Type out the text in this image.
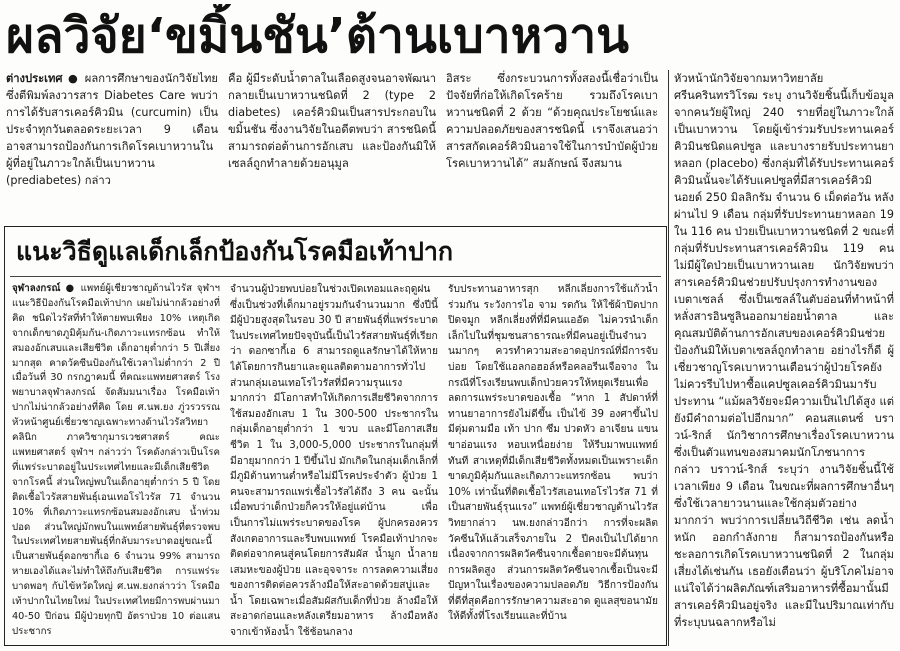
ผลวิจัย‘ขมิ้นชัน’ต้านเบาหวาน

ต่างประเทศ ● ผลการศึกษาของนักวิจัยไทยซึ่งตีพิมพ์ลงวารสาร Diabetes Care พบว่า การได้รับสารเคอร์คิวมิน (curcumin) เป็นประจำทุกวันตลอดระยะเวลา 9 เดือน อาจสามารถป้องกันการเกิดโรคเบาหวานในผู้ที่อยู่ในภาวะใกล้เป็นเบาหวาน (prediabetes) กล่าว

คือ ผู้มีระดับน้ำตาลในเลือดสูงจนอาจพัฒนากลายเป็นเบาหวานชนิดที่ 2 (type 2 diabetes) เคอร์คิวมินเป็นสารประกอบในขมิ้นชัน ซึ่งงานวิจัยในอดีตพบว่า สารชนิดนี้สามารถต่อต้านการอักเสบ และป้องกันมิให้เซลล์ถูกทำลายด้วยอนุมูล

อิสระ ซึ่งกระบวนการทั้งสองนี้เชื่อว่าเป็นปัจจัยที่ก่อให้เกิดโรคร้าย รวมถึงโรคเบาหวานชนิดที่ 2 ด้วย “ด้วยคุณประโยชน์และความปลอดภัยของสารชนิดนี้ เราจึงเสนอว่าสารสกัดเคอร์คิวมินอาจใช้ในการบำบัดผู้ป่วยโรคเบาหวานได้” สมลักษณ์ จึงสมาน

หัวหน้านักวิจัยจากมหาวิทยาลัยศรีนครินทรวิโรฒ ระบุ งานวิจัยชิ้นนี้เก็บข้อมูลจากคนวัยผู้ใหญ่ 240 รายที่อยู่ในภาวะใกล้เป็นเบาหวาน โดยผู้เข้าร่วมรับประทานเคอร์คิวมินชนิดแคปซูล และบางรายรับประทานยาหลอก (placebo) ซึ่งกลุ่มที่ได้รับประทานเคอร์คิวมินนั้นจะได้รับแคปซูลที่มีสารเคอร์คิวมินอยด์ 250 มิลลิกรัม จำนวน 6 เม็ดต่อวัน หลังผ่านไป 9 เดือน กลุ่มที่รับประทานยาหลอก 19 ใน 116 คน ป่วยเป็นเบาหวานชนิดที่ 2 ขณะที่กลุ่มที่รับประทานสารเคอร์คิวมิน 119 คน ไม่มีผู้ใดป่วยเป็นเบาหวานเลย นักวิจัยพบว่า สารเคอร์คิวมินช่วยปรับปรุงการทำงานของเบตาเซลล์ ซึ่งเป็นเซลล์ในตับอ่อนที่ทำหน้าที่หลั่งสารอินซูลินออกมาย่อยน้ำตาล และคุณสมบัติต้านการอักเสบของเคอร์คิวมินช่วยป้องกันมิให้เบตาเซลล์ถูกทำลาย อย่างไรก็ดี ผู้เชี่ยวชาญโรคเบาหวานเตือนว่าผู้ป่วยโรคยังไม่ควรรีบไปหาซื้อแคปซูลเคอร์คิวมินมารับประทาน “แม้ผลวิจัยจะมีความเป็นไปได้สูง แต่ยังมีคำถามต่อไปอีกมาก” คอนสแตนซ์ บราวน์-ริกส์ นักวิชาการศึกษาเรื่องโรคเบาหวานซึ่งเป็นตัวแทนของสมาคมนักโภชนาการ กล่าว บราวน์-ริกส์ ระบุว่า งานวิจัยชิ้นนี้ใช้เวลาเพียง 9 เดือน ในขณะที่ผลการศึกษาอื่นๆ ซึ่งใช้เวลายาวนานและใช้กลุ่มตัวอย่างมากกว่า พบว่าการเปลี่ยนวิถีชีวิต เช่น ลดน้ำหนัก ออกกำลังกาย ก็สามารถป้องกันหรือชะลอการเกิดโรคเบาหวานชนิดที่ 2 ในกลุ่มเสี่ยงได้เช่นกัน เธอยังเตือนว่า ผู้บริโภคไม่อาจแน่ใจได้ว่าผลิตภัณฑ์เสริมอาหารที่ซื้อมานั้นมีสารเคอร์คิวมินอยู่จริง และมีในปริมาณเท่ากับที่ระบุบนฉลากหรือไม่

แนะวิธีดูแลเด็กเล็กป้องกันโรคมือเท้าปาก

จุฬาลงกรณ์ ● แพทย์ผู้เชี่ยวชาญด้านไวรัส จุฬาฯ แนะวิธีป้องกันโรคมือเท้าปาก เผยไม่น่ากลัวอย่างที่คิด ชนิดไวรัสที่ทำให้ตายพบเพียง 10% เหตุเกิดจากเด็กขาดภูมิคุ้มกัน-เกิดภาวะแทรกซ้อน ทำให้สมองอักเสบและเสียชีวิต เด็กอายุต่ำกว่า 5 ปีเสี่ยงมากสุด คาดวัคซีนป้องกันใช้เวลาไม่ต่ำกว่า 2 ปี เมื่อวันที่ 30 กรกฎาคมนี้ ที่คณะแพทยศาสตร์ โรงพยาบาลจุฬาลงกรณ์ จัดสัมมนาเรื่อง โรคมือเท้าปากไม่น่ากลัวอย่างที่คิด โดย ศ.นพ.ยง ภู่วรวรรณ หัวหน้าศูนย์เชี่ยวชาญเฉพาะทางด้านไวรัสวิทยาคลินิก ภาควิชากุมารเวชศาสตร์ คณะแพทยศาสตร์ จุฬาฯ กล่าวว่า โรคดังกล่าวเป็นโรคที่แพร่ระบาดอยู่ในประเทศไทยและมีเด็กเสียชีวิตจากโรคนี้ ส่วนใหญ่พบในเด็กอายุต่ำกว่า 5 ปี โดยติดเชื้อไวรัสสายพันธุ์เอนเทอโรไวรัส 71 จำนวน 10% ที่เกิดภาวะแทรกซ้อนสมองอักเสบ น้ำท่วมปอด ส่วนใหญ่มักพบในแพทย์สายพันธุ์ที่ตรวจพบในประเทศไทยสายพันธุ์ที่กลับมาระบาดอยู่ขณะนี้เป็นสายพันธุ์ดอกซากี้เอ 6 จำนวน 99% สามารถหายเองได้และไม่ทำให้ถึงกับเสียชีวิต การแพร่ระบาดพอๆ กับไข้หวัดใหญ่ ศ.นพ.ยงกล่าวว่า โรคมือเท้าปากในไทยใหม่ ในประเทศไทยมีการพบผ่านมา 40-50 ปีก่อน มีผู้ป่วยทุกปี อัตราป่วย 10 ต่อแสนประชากร

จำนวนผู้ป่วยพบบ่อยในช่วงเปิดเทอมและฤดูฝน ซึ่งเป็นช่วงที่เด็กมาอยู่รวมกันจำนวนมาก ซึ่งปีนี้มีผู้ป่วยสูงสุดในรอบ 30 ปี สายพันธุ์ที่แพร่ระบาดในประเทศไทยปัจจุบันนี้เป็นไวรัสสายพันธุ์ที่เรียกว่า ดอกซากี้เอ 6 สามารถดูแลรักษาได้ให้หายได้โดยการกินยาและดูแลติดตามอาการทั่วไป ส่วนกลุ่มเอนเทอโรไวรัสที่มีความรุนแรงมากกว่า มีโอกาสทำให้เกิดการเสียชีวิตจากการใช้สมองอักเสบ 1 ใน 300-500 ประชากรในกลุ่มเด็กอายุต่ำกว่า 1 ขวบ และมีโอกาสเสียชีวิต 1 ใน 3,000-5,000 ประชากรในกลุ่มที่มีอายุมากกว่า 1 ปีขึ้นไป มักเกิดในกลุ่มเด็กเล็กที่มีภูมิต้านทานต่ำหรือไม่มีโรคประจำตัว ผู้ป่วย 1 คนจะสามารถแพร่เชื้อไวรัสได้ถึง 3 คน ฉะนั้นเมื่อพบว่าเด็กป่วยก็ควรให้อยู่แต่บ้าน เพื่อเป็นการไม่แพร่ระบาดของโรค ผู้ปกครองควรสังเกตอาการและรีบพบแพทย์ โรคมือเท้าปากจะติดต่อจากคนสู่คนโดยการสัมผัส น้ำมูก น้ำลาย เสมหะของผู้ป่วย และอุจจาระ การลดความเสี่ยงของการติดต่อควรล้างมือให้สะอาดด้วยสบู่และน้ำ โดยเฉพาะเมื่อสัมผัสกับเด็กที่ป่วย ล้างมือให้สะอาดก่อนและหลังเตรียมอาหาร ล้างมือหลังจากเข้าห้องน้ำ ใช้ช้อนกลาง

รับประทานอาหารสุก หลีกเลี่ยงการใช้แก้วน้ำร่วมกัน ระวังการไอ จาม รดกัน ให้ใช้ผ้าปิดปากปิดจมูก หลีกเลี่ยงที่ที่มีคนแออัด ไม่ควรนำเด็กเล็กไปในที่ชุมชนสาธารณะที่มีคนอยู่เป็นจำนวนมากๆ ควรทำความสะอาดอุปกรณ์ที่มีการจับบ่อย โดยใช้แอลกอฮอล์หรือคลอรีนเจือจาง ในกรณีที่โรงเรียนพบเด็กป่วยควรให้หยุดเรียนเพื่อลดการแพร่ระบาดของเชื้อ “หาก 1 สัปดาห์ที่ทานยาอาการยังไม่ดีขึ้น เป็นไข้ 39 องศาขึ้นไป มีตุ่มตามมือ เท้า ปาก ซึม ปวดหัว อาเจียน แขนขาอ่อนแรง หอบเหนื่อยง่าย ให้รีบมาพบแพทย์ทันที สาเหตุที่มีเด็กเสียชีวิตทั้งหมดเป็นเพราะเด็กขาดภูมิคุ้มกันและเกิดภาวะแทรกซ้อน พบว่า 10% เท่านั้นที่ติดเชื้อไวรัสเอนเทอโรไวรัส 71 ที่เป็นสายพันธุ์รุนแรง” แพทย์ผู้เชี่ยวชาญด้านไวรัสวิทยากล่าว นพ.ยงกล่าวอีกว่า การที่จะผลิตวัคซีนให้แล้วเสร็จภายใน 2 ปีคงเป็นไปได้ยาก เนื่องจากการผลิตวัคซีนจากเชื้อตายจะมีต้นทุนการผลิตสูง ส่วนการผลิตวัคซีนจากเชื้อเป็นจะมีปัญหาในเรื่องของความปลอดภัย วิธีการป้องกันที่ดีที่สุดคือการรักษาความสะอาด ดูแลสุขอนามัยให้ดีทั้งที่โรงเรียนและที่บ้าน
